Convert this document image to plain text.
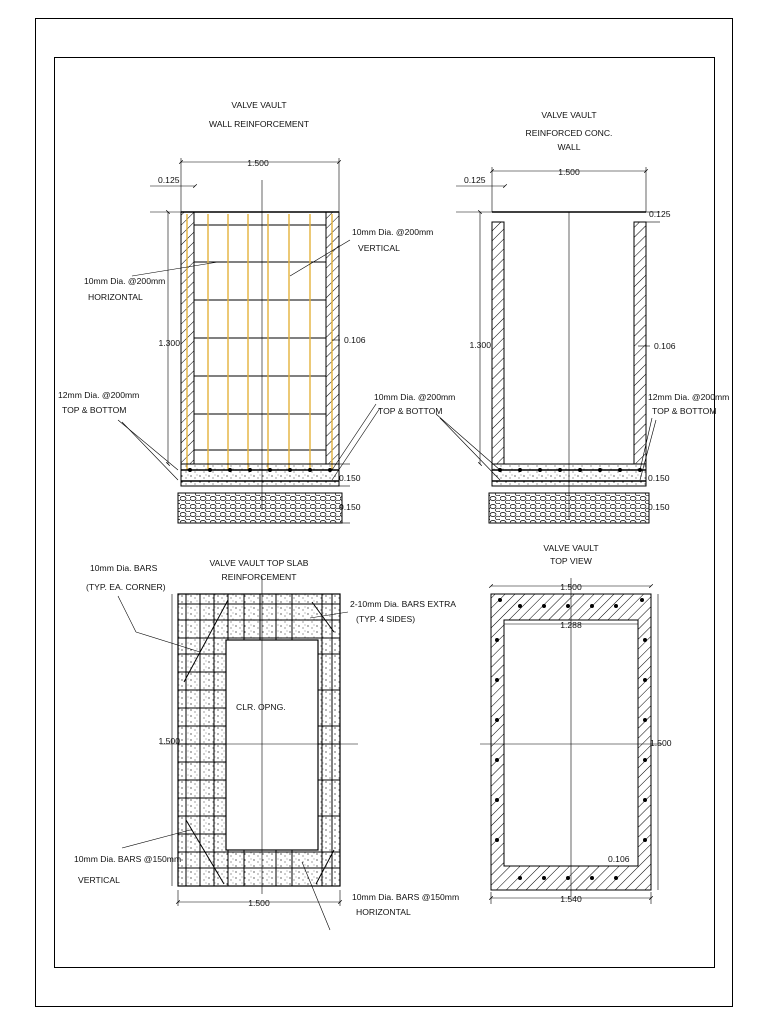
VALVE VAULT
WALL REINFORCEMENT
1.500
0.125
1.300	0.106
0.150
0.150
10mm Dia. @200mm
VERTICAL
10mm Dia. @200mm
HORIZONTAL
12mm Dia. @200mm
TOP & BOTTOM
10mm Dia. @200mm
TOP & BOTTOM
VALVE VAULT
REINFORCED CONC.
WALL
1.500
0.125
0.125
1.300	0.106
0.150
0.150
12mm Dia. @200mm
TOP & BOTTOM
VALVE VAULT TOP SLAB
REINFORCEMENT
10mm Dia. BARS
(TYP. EA. CORNER)
2-10mm Dia. BARS EXTRA
(TYP. 4 SIDES)
CLR. OPNG.
1.500
1.500
10mm Dia. BARS @150mm
VERTICAL
10mm Dia. BARS @150mm
HORIZONTAL
VALVE VAULT
TOP VIEW
1.500
1.288
1.500
0.106
1.540
